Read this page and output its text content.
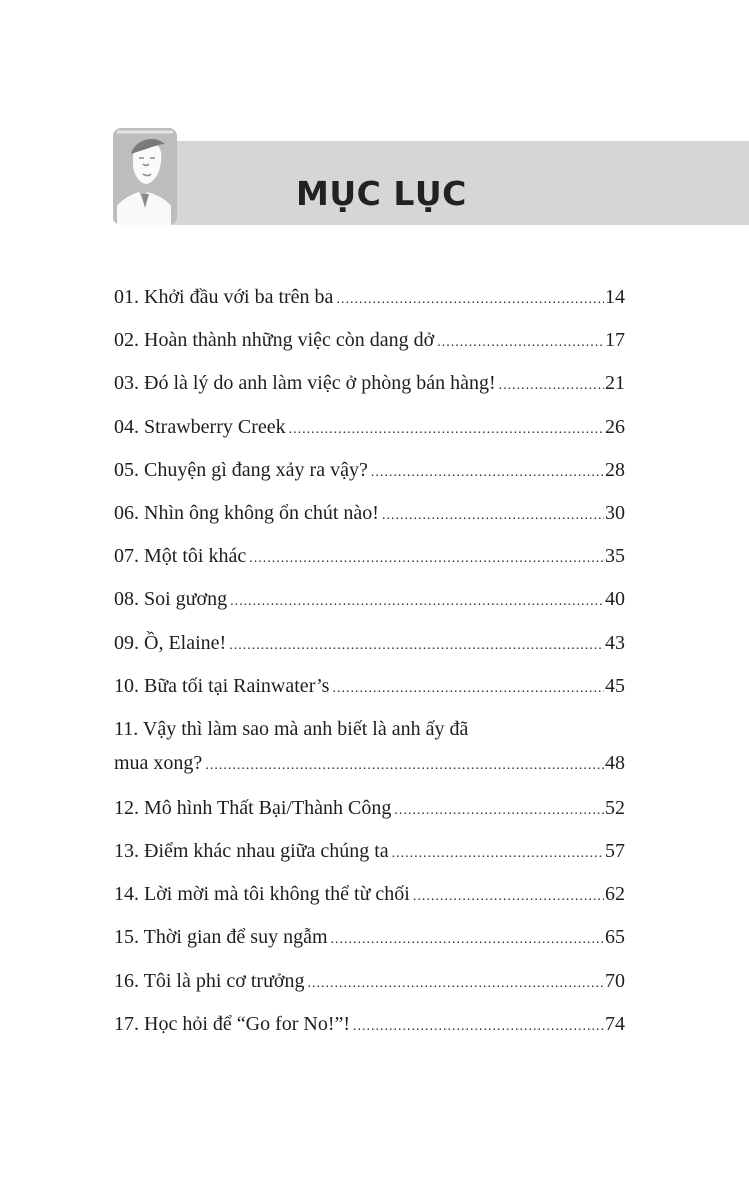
MỤC LỤC
01. Khởi đầu với ba trên ba .....	14
02. Hoàn thành những việc còn dang dở .....	17
03. Đó là lý do anh làm việc ở phòng bán hàng! .....	21
04. Strawberry Creek .....	26
05. Chuyện gì đang xảy ra vậy? .....	28
06. Nhìn ông không ổn chút nào! .....	30
07. Một tôi khác .....	35
08. Soi gương .....	40
09. Ồ, Elaine! .....	43
10. Bữa tối tại Rainwater’s .....	45
11. Vậy thì làm sao mà anh biết là anh ấy đã
mua xong? .....	48
12. Mô hình Thất Bại/Thành Công .....	52
13. Điểm khác nhau giữa chúng ta .....	57
14. Lời mời mà tôi không thể từ chối .....	62
15. Thời gian để suy ngẫm .....	65
16. Tôi là phi cơ trưởng .....	70
17. Học hỏi để “Go for No!”! .....	74
